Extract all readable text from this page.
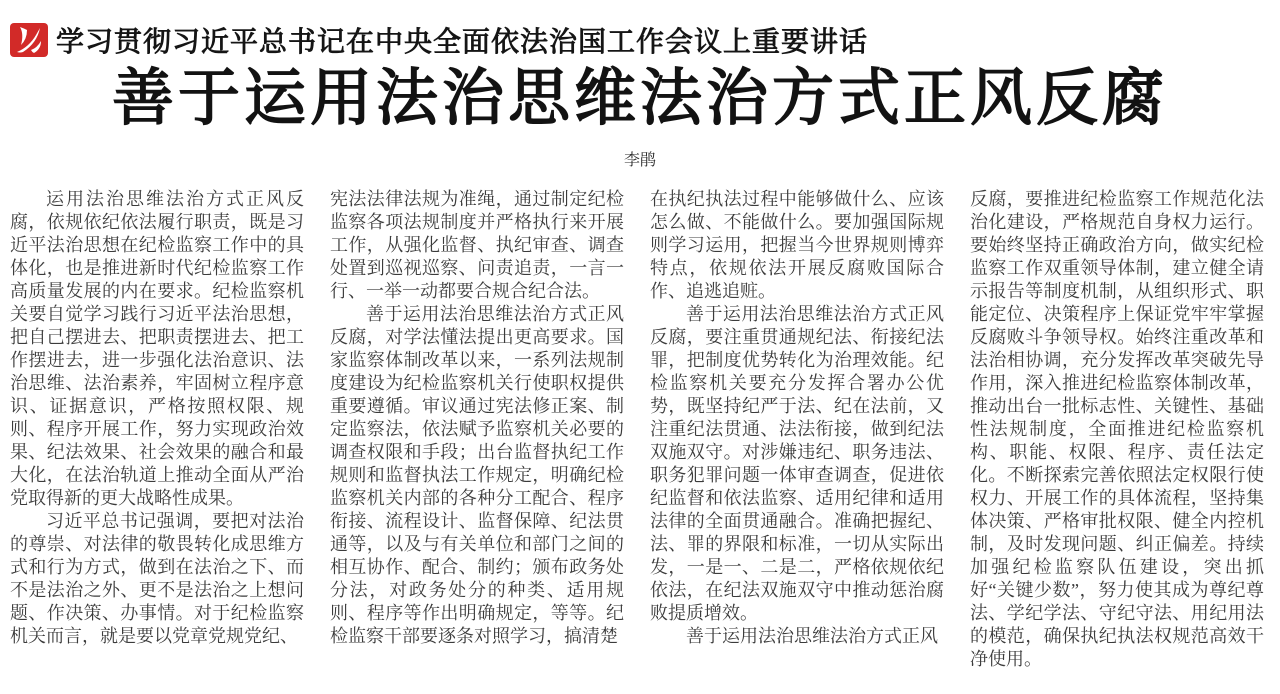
学习贯彻习近平总书记在中央全面依法治国工作会议上重要讲话
善于运用法治思维法治方式正风反腐
李鹃

运用法治思维法治方式正风反腐，依规依纪依法履行职责，既是习近平法治思想在纪检监察工作中的具体化，也是推进新时代纪检监察工作高质量发展的内在要求。纪检监察机关要自觉学习践行习近平法治思想，把自己摆进去、把职责摆进去、把工作摆进去，进一步强化法治意识、法治思维、法治素养，牢固树立程序意识、证据意识，严格按照权限、规则、程序开展工作，努力实现政治效果、纪法效果、社会效果的融合和最大化，在法治轨道上推动全面从严治党取得新的更大战略性成果。

习近平总书记强调，要把对法治的尊崇、对法律的敬畏转化成思维方式和行为方式，做到在法治之下、而不是法治之外、更不是法治之上想问题、作决策、办事情。对于纪检监察机关而言，就是要以党章党规党纪、

宪法法律法规为准绳，通过制定纪检监察各项法规制度并严格执行来开展工作，从强化监督、执纪审查、调查处置到巡视巡察、问责追责，一言一行、一举一动都要合规合纪合法。

善于运用法治思维法治方式正风反腐，对学法懂法提出更高要求。国家监察体制改革以来，一系列法规制度建设为纪检监察机关行使职权提供重要遵循。审议通过宪法修正案、制定监察法，依法赋予监察机关必要的调查权限和手段；出台监督执纪工作规则和监督执法工作规定，明确纪检监察机关内部的各种分工配合、程序衔接、流程设计、监督保障、纪法贯通等，以及与有关单位和部门之间的相互协作、配合、制约；颁布政务处分法，对政务处分的种类、适用规则、程序等作出明确规定，等等。纪检监察干部要逐条对照学习，搞清楚

在执纪执法过程中能够做什么、应该怎么做、不能做什么。要加强国际规则学习运用，把握当今世界规则博弈特点，依规依法开展反腐败国际合作、追逃追赃。

善于运用法治思维法治方式正风反腐，要注重贯通规纪法、衔接纪法罪，把制度优势转化为治理效能。纪检监察机关要充分发挥合署办公优势，既坚持纪严于法、纪在法前，又注重纪法贯通、法法衔接，做到纪法双施双守。对涉嫌违纪、职务违法、职务犯罪问题一体审查调查，促进依纪监督和依法监察、适用纪律和适用法律的全面贯通融合。准确把握纪、法、罪的界限和标准，一切从实际出发，一是一、二是二，严格依规依纪依法，在纪法双施双守中推动惩治腐败提质增效。

善于运用法治思维法治方式正风

反腐，要推进纪检监察工作规范化法治化建设，严格规范自身权力运行。要始终坚持正确政治方向，做实纪检监察工作双重领导体制，建立健全请示报告等制度机制，从组织形式、职能定位、决策程序上保证党牢牢掌握反腐败斗争领导权。始终注重改革和法治相协调，充分发挥改革突破先导作用，深入推进纪检监察体制改革，推动出台一批标志性、关键性、基础性法规制度，全面推进纪检监察机构、职能、权限、程序、责任法定化。不断探索完善依照法定权限行使权力、开展工作的具体流程，坚持集体决策、严格审批权限、健全内控机制，及时发现问题、纠正偏差。持续加强纪检监察队伍建设，突出抓好“关键少数”，努力使其成为尊纪尊法、学纪学法、守纪守法、用纪用法的模范，确保执纪执法权规范高效干净使用。
